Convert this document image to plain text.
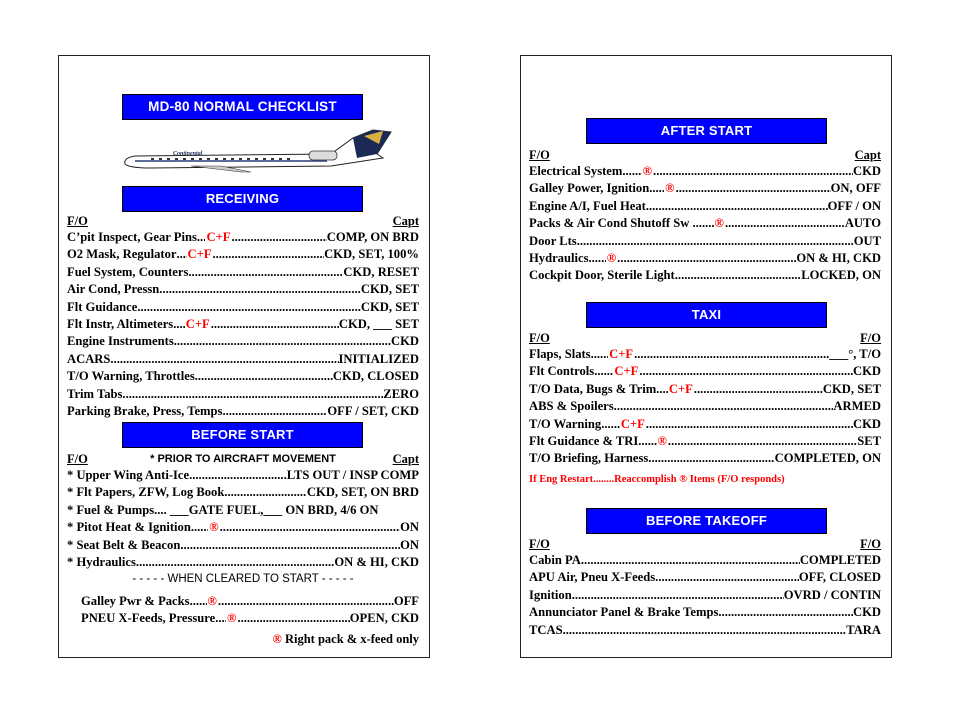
MD-80 NORMAL CHECKLIST
Continental
RECEIVING
F/O	Capt
C’pit Inspect, Gear Pins ..... C+F .....	COMP, ON BRD
O2 Mask, Regulator ..... C+F .....	CKD, SET, 100%
Fuel System, Counters .....	CKD, RESET
Air Cond, Pressn .....	CKD, SET
Flt Guidance .....	CKD, SET
Flt Instr, Altimeters ..... C+F .....	CKD, ___ SET
Engine Instruments .....	CKD
ACARS .....	INITIALIZED
T/O Warning, Throttles .....	CKD, CLOSED
Trim Tabs .....	ZERO
Parking Brake, Press, Temps .....	OFF / SET, CKD
BEFORE START
F/O	* PRIOR TO AIRCRAFT MOVEMENT	Capt
* Upper Wing Anti-Ice .....	LTS OUT / INSP COMP
* Flt Papers, ZFW, Log Book .....	CKD, SET, ON BRD
* Fuel & Pumps.... ___GATE FUEL,___ ON BRD, 4/6 ON
* Pitot Heat & Ignition ..... ® .....	ON
* Seat Belt & Beacon .....	ON
* Hydraulics .....	ON & HI, CKD
- - - - - WHEN CLEARED TO START - - - - -
Galley Pwr & Packs ..... ® .....	OFF
PNEU X-Feeds, Pressure ..... ® .....	OPEN, CKD
® Right pack & x-feed only
AFTER START
F/O	Capt
Electrical System ..... ® .....	CKD
Galley Power, Ignition ..... ® .....	ON, OFF
Engine A/I, Fuel Heat .....	OFF / ON
Packs & Air Cond Shutoff Sw ... ..... ® .....	AUTO
Door Lts .....	OUT
Hydraulics ..... ® .....	ON & HI, CKD
Cockpit Door, Sterile Light .....	LOCKED, ON
TAXI
F/O	F/O
Flaps, Slats ..... C+F .....	___°, T/O
Flt Controls ..... C+F .....	CKD
T/O Data, Bugs & Trim ..... C+F .....	CKD, SET
ABS & Spoilers .....	ARMED
T/O Warning ..... C+F .....	CKD
Flt Guidance & TRI ..... ® .....	SET
T/O Briefing, Harness .....	COMPLETED, ON
If Eng Restart........Reaccomplish ® Items (F/O responds)
BEFORE TAKEOFF
F/O	F/O
Cabin PA .....	COMPLETED
APU Air, Pneu X-Feeds .....	OFF, CLOSED
Ignition .....	OVRD / CONTIN
Annunciator Panel & Brake Temps .....	CKD
TCAS .....	TARA
